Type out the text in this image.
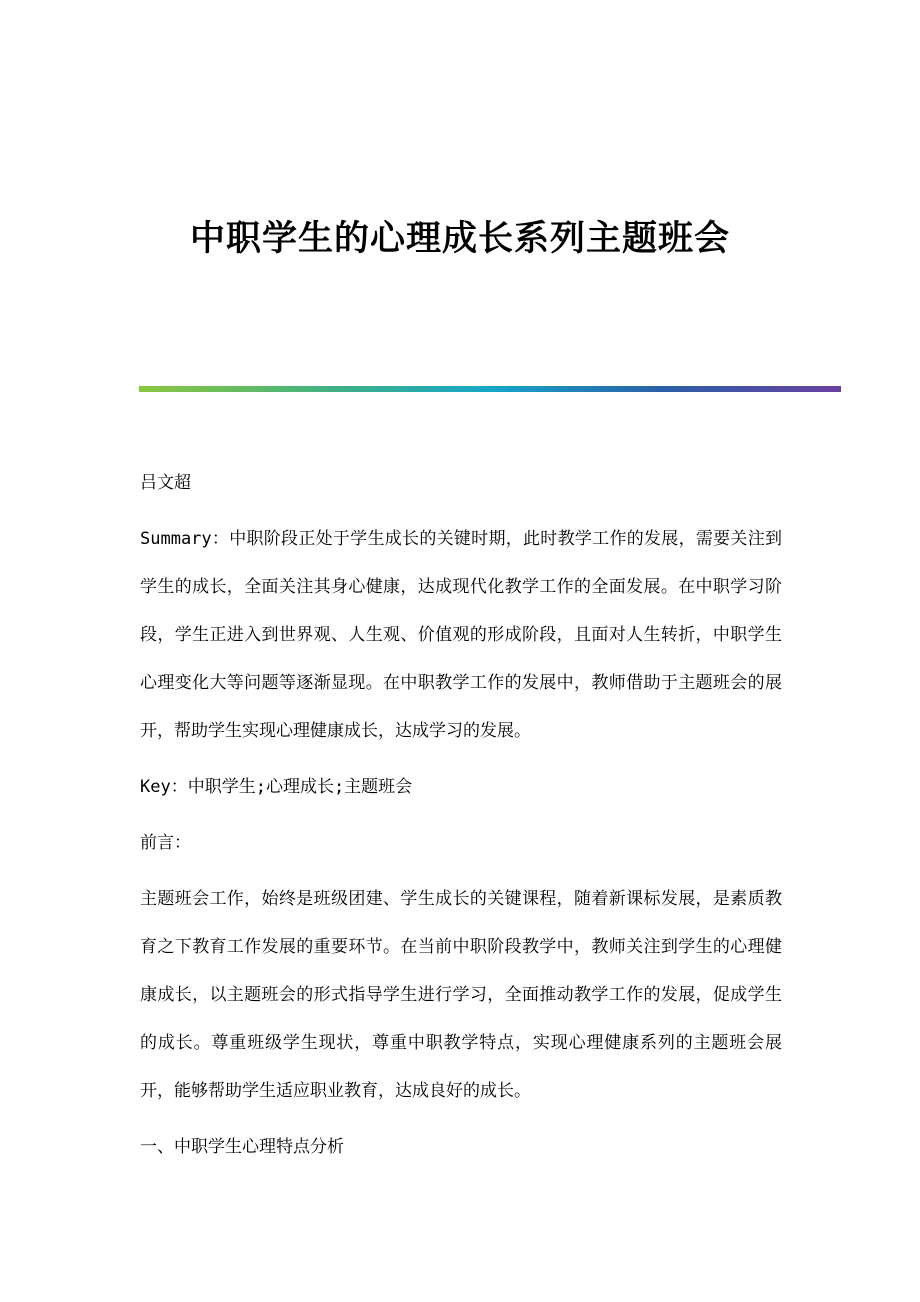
中职学生的心理成长系列主题班会

吕文超

Summary：中职阶段正处于学生成长的关键时期，此时教学工作的发展，需要关注到学生的成长，全面关注其身心健康，达成现代化教学工作的全面发展。在中职学习阶段，学生正进入到世界观、人生观、价值观的形成阶段，且面对人生转折，中职学生心理变化大等问题等逐渐显现。在中职教学工作的发展中，教师借助于主题班会的展开，帮助学生实现心理健康成长，达成学习的发展。

Key：中职学生;心理成长;主题班会

前言：

主题班会工作，始终是班级团建、学生成长的关键课程，随着新课标发展，是素质教育之下教育工作发展的重要环节。在当前中职阶段教学中，教师关注到学生的心理健康成长，以主题班会的形式指导学生进行学习，全面推动教学工作的发展，促成学生的成长。尊重班级学生现状，尊重中职教学特点，实现心理健康系列的主题班会展开，能够帮助学生适应职业教育，达成良好的成长。

一、中职学生心理特点分析
